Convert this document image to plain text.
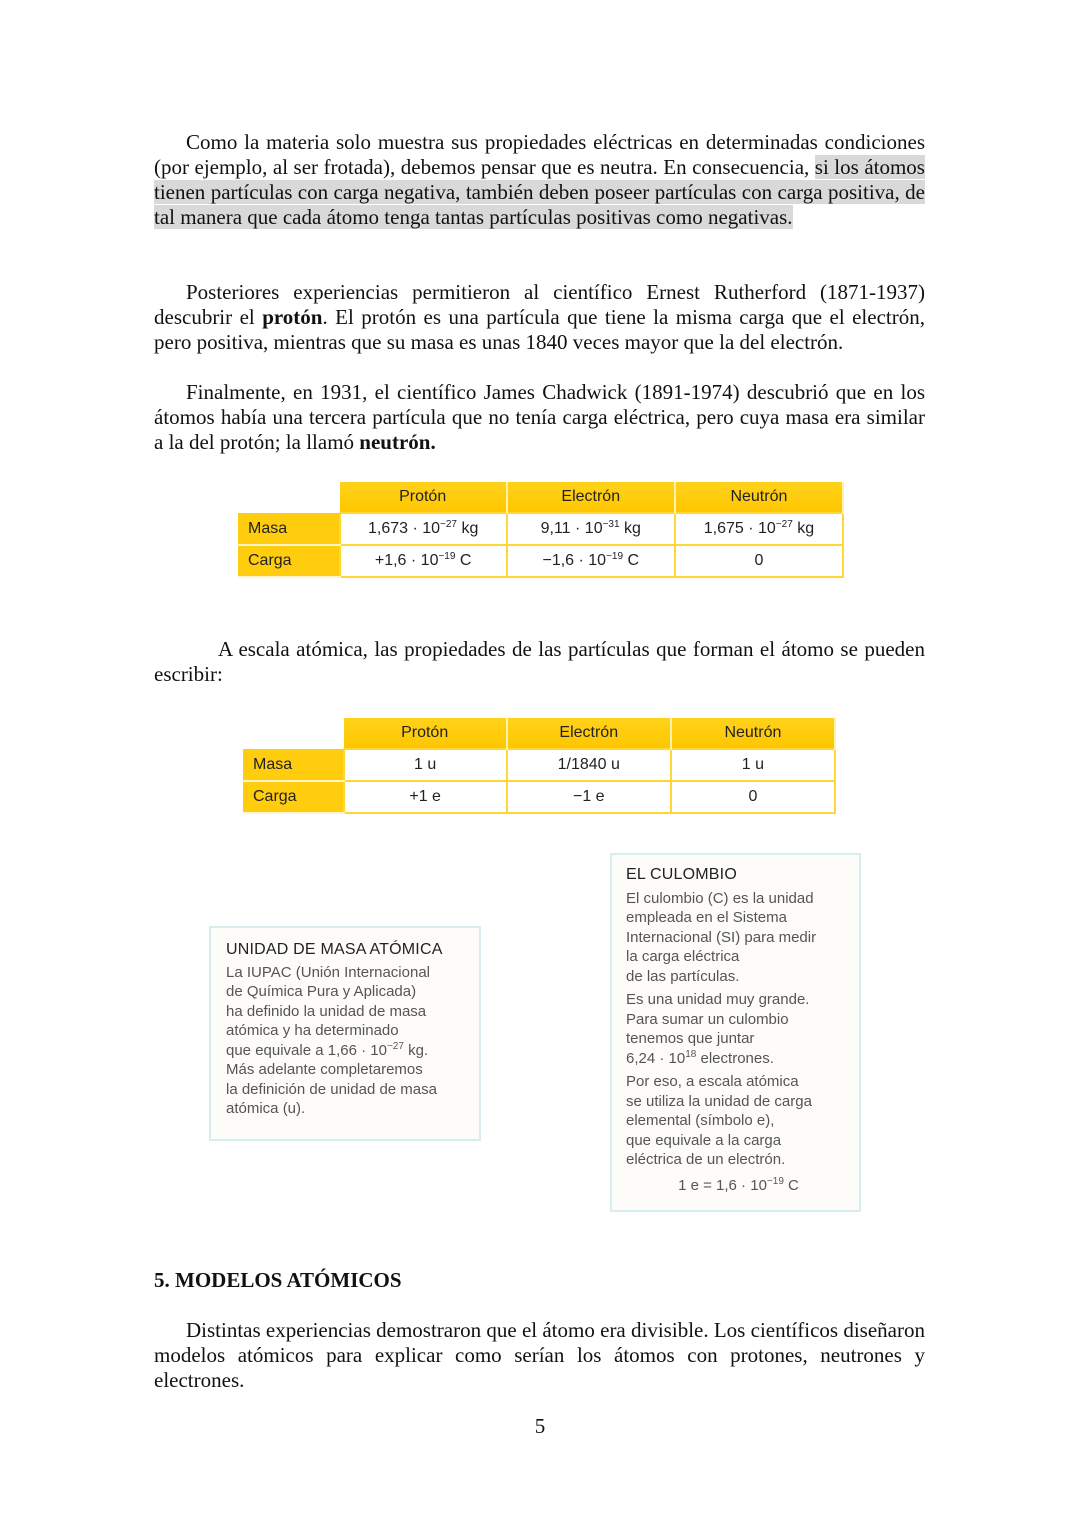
Como la materia solo muestra sus propiedades eléctricas en determinadas condiciones (por ejemplo, al ser frotada), debemos pensar que es neutra. En consecuencia, si los átomos tienen partículas con carga negativa, también deben poseer partículas con carga positiva, de tal manera que cada átomo tenga tantas partículas positivas como negativas.
Posteriores experiencias permitieron al científico Ernest Rutherford (1871-1937) descubrir el protón. El protón es una partícula que tiene la misma carga que el electrón, pero positiva, mientras que su masa es unas 1840 veces mayor que la del electrón.
Finalmente, en 1931, el científico James Chadwick (1891-1974) descubrió que en los átomos había una tercera partícula que no tenía carga eléctrica, pero cuya masa era similar a la del protón; la llamó neutrón.
	Protón	Electrón	Neutrón
Masa	$1,673 \cdot 10^{-27}$ kg	$9,11 \cdot 10^{-31}$ kg	$1,675 \cdot 10^{-27}$ kg
Carga	$+1,6 \cdot 10^{-19}$ C	$-1,6 \cdot 10^{-19}$ C	0
A escala atómica, las propiedades de las partículas que forman el átomo se pueden escribir:
	Protón	Electrón	Neutrón
Masa	1 u	1/1840 u	1 u
Carga	+1 e	−1 e	0
UNIDAD DE MASA ATÓMICA

La IUPAC (Unión Internacional

de Química Pura y Aplicada)

ha definido la unidad de masa

atómica y ha determinado

que equivale a $1,66 \cdot 10^{-27}$ kg.

Más adelante completaremos

la definición de unidad de masa

atómica (u).

EL CULOMBIO

El culombio (C) es la unidad

empleada en el Sistema

Internacional (SI) para medir

la carga eléctrica

de las partículas.

Es una unidad muy grande.

Para sumar un culombio

tenemos que juntar

$6,24 \cdot 10^{18}$ electrones.

Por eso, a escala atómica

se utiliza la unidad de carga

elemental (símbolo e),

que equivale a la carga

eléctrica de un electrón.

1 $e = 1,6 \cdot 10^{-19}$ C

5. MODELOS ATÓMICOS
Distintas experiencias demostraron que el átomo era divisible. Los científicos diseñaron modelos atómicos para explicar como serían los átomos con protones, neutrones y electrones.
5
